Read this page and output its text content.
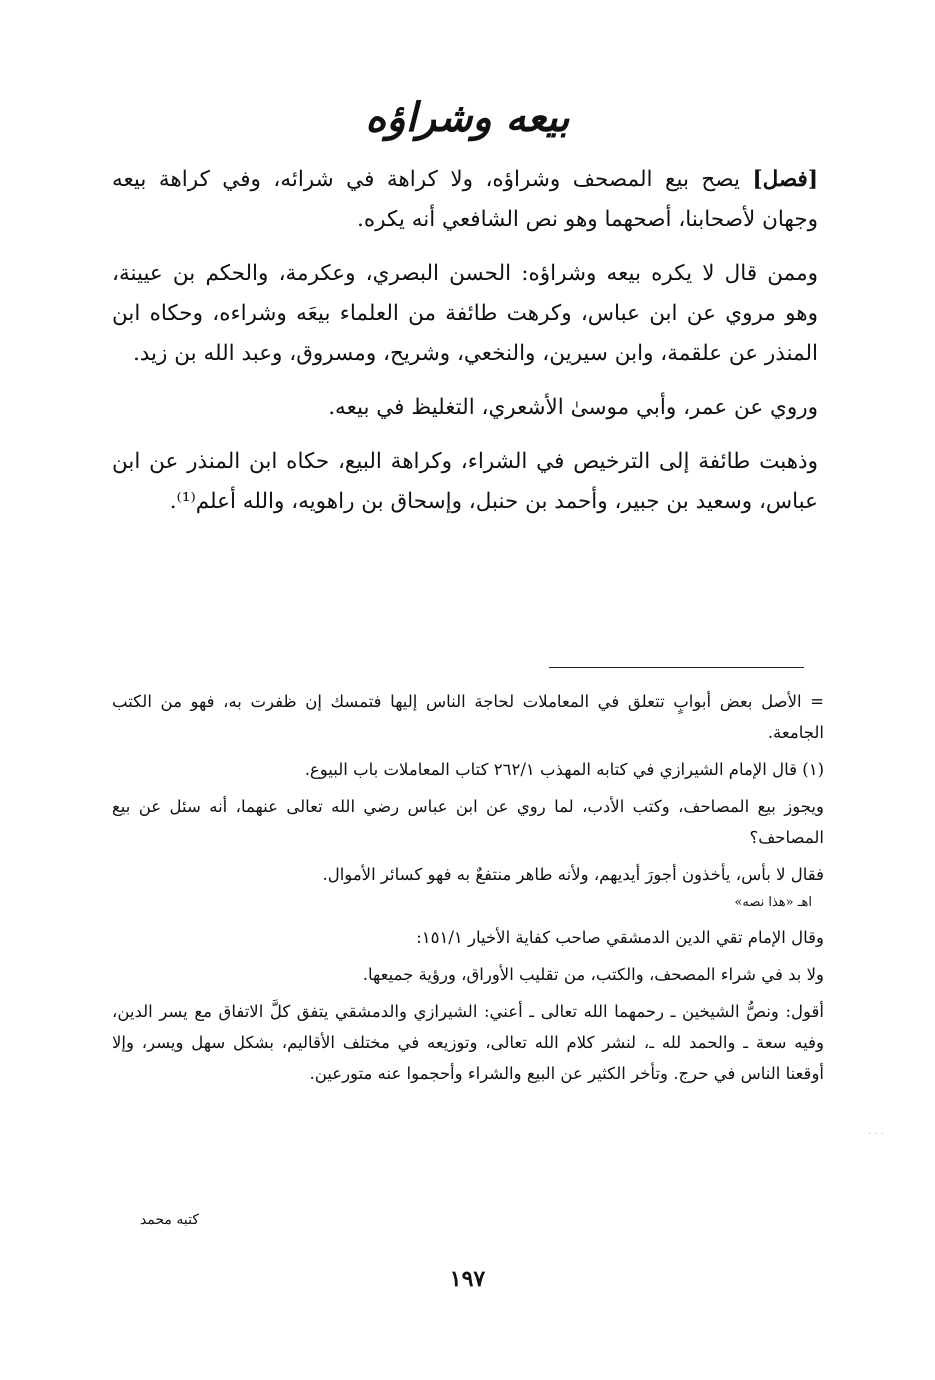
بيعه وشراؤه

[فصل] يصح بيع المصحف وشراؤه، ولا كراهة في شرائه، وفي كراهة بيعه وجهان لأصحابنا، أصحهما وهو نص الشافعي أنه يكره.

وممن قال لا يكره بيعه وشراؤه: الحسن البصري، وعكرمة، والحكم بن عيينة، وهو مروي عن ابن عباس، وكرهت طائفة من العلماء بيعَه وشراءه، وحكاه ابن المنذر عن علقمة، وابن سيرين، والنخعي، وشريح، ومسروق، وعبد الله بن زيد.

وروي عن عمر، وأبي موسىٰ الأشعري، التغليظ في بيعه.

وذهبت طائفة إلى الترخيص في الشراء، وكراهة البيع، حكاه ابن المنذر عن ابن عباس، وسعيد بن جبير، وأحمد بن حنبل، وإسحاق بن راهويه، والله أعلم⁽¹⁾.

= الأصل بعض أبوابٍ تتعلق في المعاملات لحاجة الناس إليها فتمسك إن ظفرت به، فهو من الكتب الجامعة.

(١) قال الإمام الشيرازي في كتابه المهذب ٢٦٢/١ كتاب المعاملات باب البيوع.

ويجوز بيع المصاحف، وكتب الأدب، لما روي عن ابن عباس رضي الله تعالى عنهما، أنه سئل عن بيع المصاحف؟

فقال لا بأس، يأخذون أجورَ أيديهم، ولأنه طاهر منتفعٌ به فهو كسائر الأموال.

اهـ «هذا نصه»

وقال الإمام تقي الدين الدمشقي صاحب كفاية الأخيار ١٥١/١:

ولا بد في شراء المصحف، والكتب، من تقليب الأوراق، ورؤية جميعها.

أقول: ونصُّ الشيخين ـ رحمهما الله تعالى ـ أعني: الشيرازي والدمشقي يتفق كلَّ الاتفاق مع يسر الدين، وفيه سعة ـ والحمد لله ـ، لنشر كلام الله تعالى، وتوزيعه في مختلف الأقاليم، بشكل سهل ويسر، وإلا أوقعنا الناس في حرج. وتأخر الكثير عن البيع والشراء وأحجموا عنه متورعين.

كتبه محمد
١٩٧
· · ·
